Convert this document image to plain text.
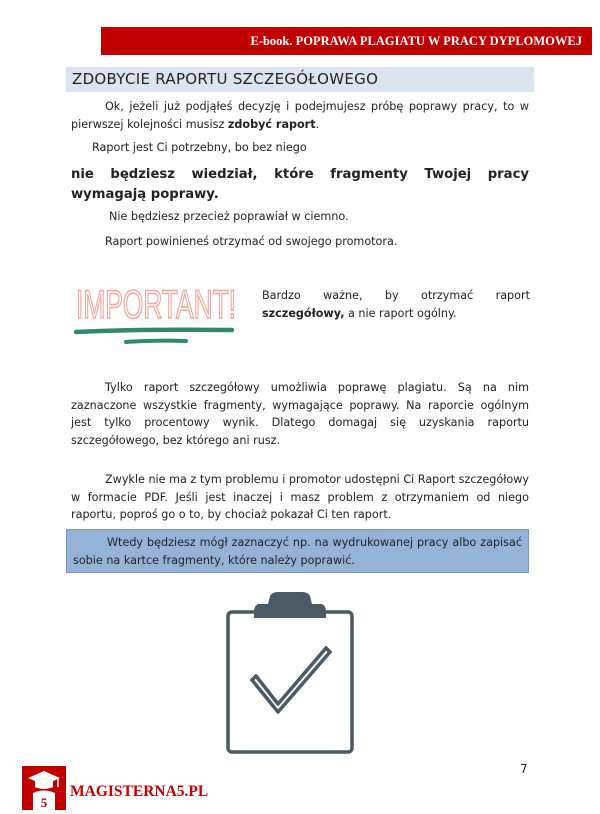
E-book. POPRAWA PLAGIATU W PRACY DYPLOMOWEJ
ZDOBYCIE RAPORTU SZCZEGÓŁOWEGO

Ok, jeżeli już podjąłeś decyzję i podejmujesz próbę poprawy pracy, to w pierwszej kolejności musisz zdobyć raport.

Raport jest Ci potrzebny, bo bez niego

nie będziesz wiedział, które fragmenty Twojej pracy wymagają poprawy.

Nie będziesz przecież poprawiał w ciemno.

Raport powinieneś otrzymać od swojego promotora.

IMPORTANT! Bardzo ważne, by otrzymać raport szczegółowy, a nie raport ogólny.

Tylko raport szczegółowy umożliwia poprawę plagiatu. Są na nim zaznaczone wszystkie fragmenty, wymagające poprawy. Na raporcie ogólnym jest tylko procentowy wynik. Dlatego domagaj się uzyskania raportu szczegółowego, bez którego ani rusz.

Zwykle nie ma z tym problemu i promotor udostępni Ci Raport szczegółowy w formacie PDF. Jeśli jest inaczej i masz problem z otrzymaniem od niego raportu, poproś go o to, by chociaż pokazał Ci ten raport.

Wtedy będziesz mógł zaznaczyć np. na wydrukowanej pracy albo zapisać sobie na kartce fragmenty, które należy poprawić.
7
5
MAGISTERNA5.PL
